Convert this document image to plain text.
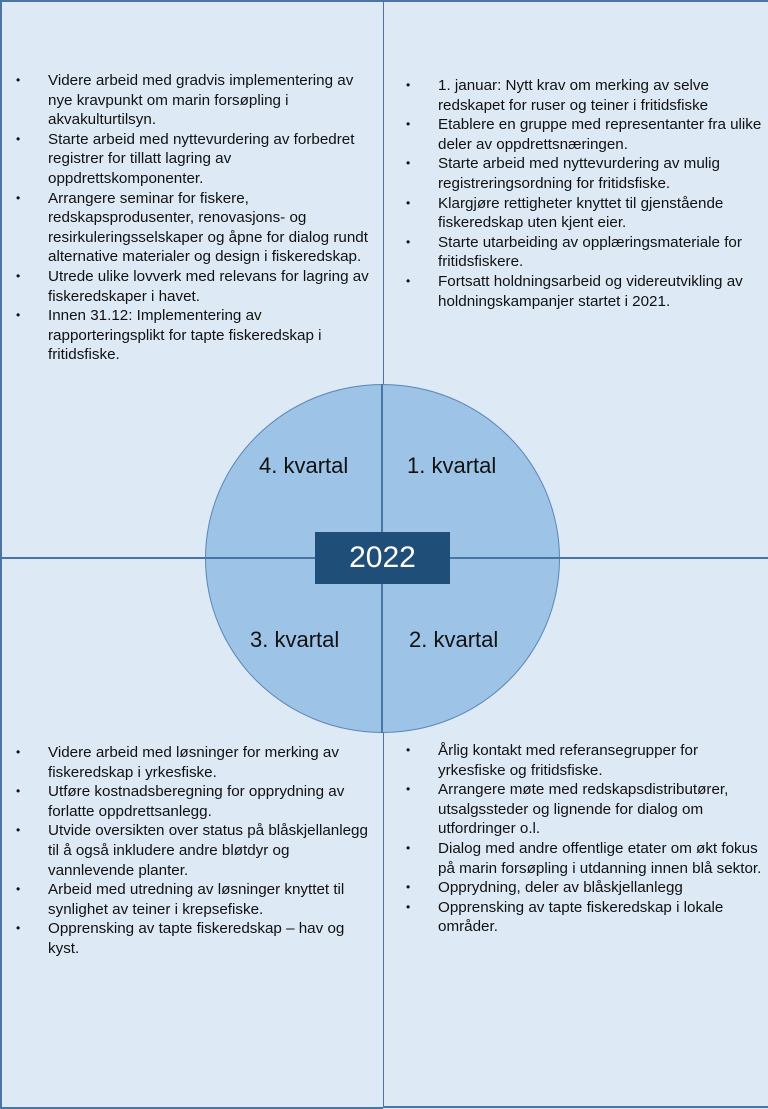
• Videre arbeid med gradvis implementering av nye kravpunkt om marin forsøpling i akvakulturtilsyn.
• Starte arbeid med nyttevurdering av forbedret registrer for tillatt lagring av oppdrettskomponenter.
• Arrangere seminar for fiskere, redskapsprodusenter, renovasjons- og resirkuleringsselskaper og åpne for dialog rundt alternative materialer og design i fiskeredskap.
• Utrede ulike lovverk med relevans for lagring av fiskeredskaper i havet.
• Innen 31.12: Implementering av rapporteringsplikt for tapte fiskeredskap i fritidsfiske.
• 1. januar: Nytt krav om merking av selve redskapet for ruser og teiner i fritidsfiske
• Etablere en gruppe med representanter fra ulike deler av oppdrettsnæringen.
• Starte arbeid med nyttevurdering av mulig registreringsordning for fritidsfiske.
• Klargjøre rettigheter knyttet til gjenstående fiskeredskap uten kjent eier.
• Starte utarbeiding av opplæringsmateriale for fritidsfiskere.
• Fortsatt holdningsarbeid og videreutvikling av holdningskampanjer startet i 2021.
• Videre arbeid med løsninger for merking av fiskeredskap i yrkesfiske.
• Utføre kostnadsberegning for opprydning av forlatte oppdrettsanlegg.
• Utvide oversikten over status på blåskjellanlegg til å også inkludere andre bløtdyr og vannlevende planter.
• Arbeid med utredning av løsninger knyttet til synlighet av teiner i krepsefiske.
• Opprensking av tapte fiskeredskap – hav og kyst.
• Årlig kontakt med referansegrupper for yrkesfiske og fritidsfiske.
• Arrangere møte med redskapsdistributører, utsalgssteder og lignende for dialog om utfordringer o.l.
• Dialog med andre offentlige etater om økt fokus på marin forsøpling i utdanning innen blå sektor.
• Opprydning, deler av blåskjellanlegg
• Opprensking av tapte fiskeredskap i lokale områder.
4. kvartal	1. kvartal
3. kvartal	2. kvartal
2022
